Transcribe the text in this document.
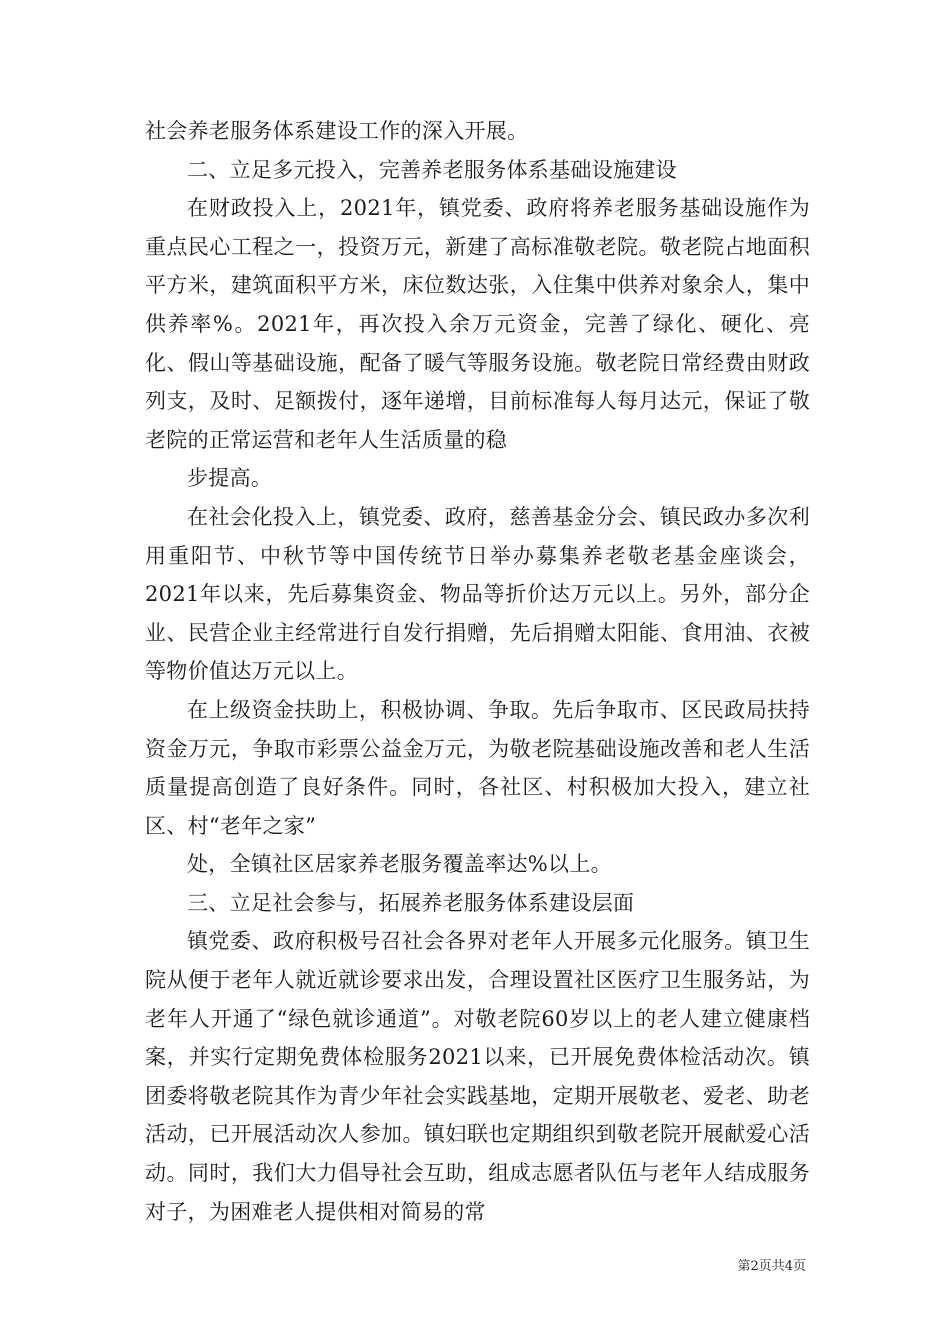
社会养老服务体系建设工作的深入开展。

二、立足多元投入，完善养老服务体系基础设施建设

在财政投入上，2021年，镇党委、政府将养老服务基础设施作为重点民心工程之一，投资万元，新建了高标准敬老院。敬老院占地面积平方米，建筑面积平方米，床位数达张，入住集中供养对象余人，集中供养率%。2021年，再次投入余万元资金，完善了绿化、硬化、亮化、假山等基础设施，配备了暖气等服务设施。敬老院日常经费由财政列支，及时、足额拨付，逐年递增，目前标准每人每月达元，保证了敬老院的正常运营和老年人生活质量的稳

步提高。

在社会化投入上，镇党委、政府，慈善基金分会、镇民政办多次利用重阳节、中秋节等中国传统节日举办募集养老敬老基金座谈会，2021年以来，先后募集资金、物品等折价达万元以上。另外，部分企业、民营企业主经常进行自发行捐赠，先后捐赠太阳能、食用油、衣被等物价值达万元以上。

在上级资金扶助上，积极协调、争取。先后争取市、区民政局扶持资金万元，争取市彩票公益金万元，为敬老院基础设施改善和老人生活质量提高创造了良好条件。同时，各社区、村积极加大投入，建立社区、村“老年之家”

处，全镇社区居家养老服务覆盖率达%以上。

三、立足社会参与，拓展养老服务体系建设层面

镇党委、政府积极号召社会各界对老年人开展多元化服务。镇卫生院从便于老年人就近就诊要求出发，合理设置社区医疗卫生服务站，为老年人开通了“绿色就诊通道”。对敬老院60岁以上的老人建立健康档案，并实行定期免费体检服务2021以来，已开展免费体检活动次。镇团委将敬老院其作为青少年社会实践基地，定期开展敬老、爱老、助老活动，已开展活动次人参加。镇妇联也定期组织到敬老院开展献爱心活动。同时，我们大力倡导社会互助，组成志愿者队伍与老年人结成服务对子，为困难老人提供相对简易的常

第2页共4页
